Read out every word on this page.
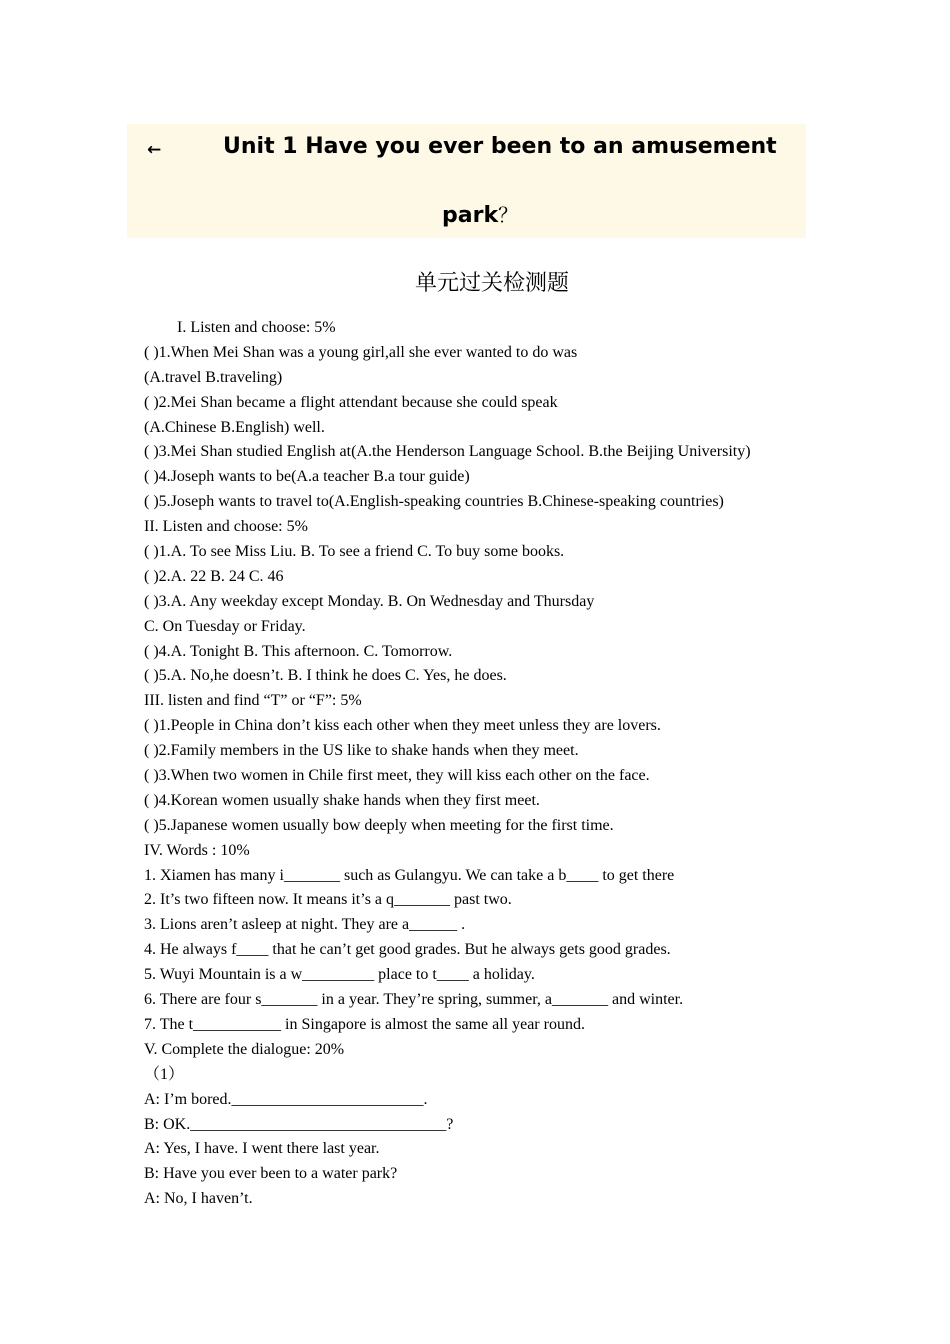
←	Unit 1 Have you ever been to an amusement
park？
单元过关检测题
I. Listen and choose: 5%
( )1.When Mei Shan was a young girl,all she ever wanted to do was
(A.travel B.traveling)
( )2.Mei Shan became a flight attendant because she could speak
(A.Chinese B.English) well.
( )3.Mei Shan studied English at(A.the Henderson Language School. B.the Beijing University)
( )4.Joseph wants to be(A.a teacher B.a tour guide)
( )5.Joseph wants to travel to(A.English-speaking countries B.Chinese-speaking countries)
II. Listen and choose: 5%
( )1.A. To see Miss Liu. B. To see a friend C. To buy some books.
( )2.A. 22 B. 24 C. 46
( )3.A. Any weekday except Monday. B. On Wednesday and Thursday
C. On Tuesday or Friday.
( )4.A. Tonight B. This afternoon. C. Tomorrow.
( )5.A. No,he doesn’t. B. I think he does C. Yes, he does.
III. listen and find “T” or “F”: 5%
( )1.People in China don’t kiss each other when they meet unless they are lovers.
( )2.Family members in the US like to shake hands when they meet.
( )3.When two women in Chile first meet, they will kiss each other on the face.
( )4.Korean women usually shake hands when they first meet.
( )5.Japanese women usually bow deeply when meeting for the first time.
IV. Words : 10%
1. Xiamen has many i_______ such as Gulangyu. We can take a b____ to get there
2. It’s two fifteen now. It means it’s a q_______ past two.
3. Lions aren’t asleep at night. They are a______ .
4. He always f____ that he can’t get good grades. But he always gets good grades.
5. Wuyi Mountain is a w_________ place to t____ a holiday.
6. There are four s_______ in a year. They’re spring, summer, a_______ and winter.
7. The t___________ in Singapore is almost the same all year round.
V. Complete the dialogue: 20%
（1）
A: I’m bored.________________________.
B: OK.________________________________?
A: Yes, I have. I went there last year.
B: Have you ever been to a water park?
A: No, I haven’t.
